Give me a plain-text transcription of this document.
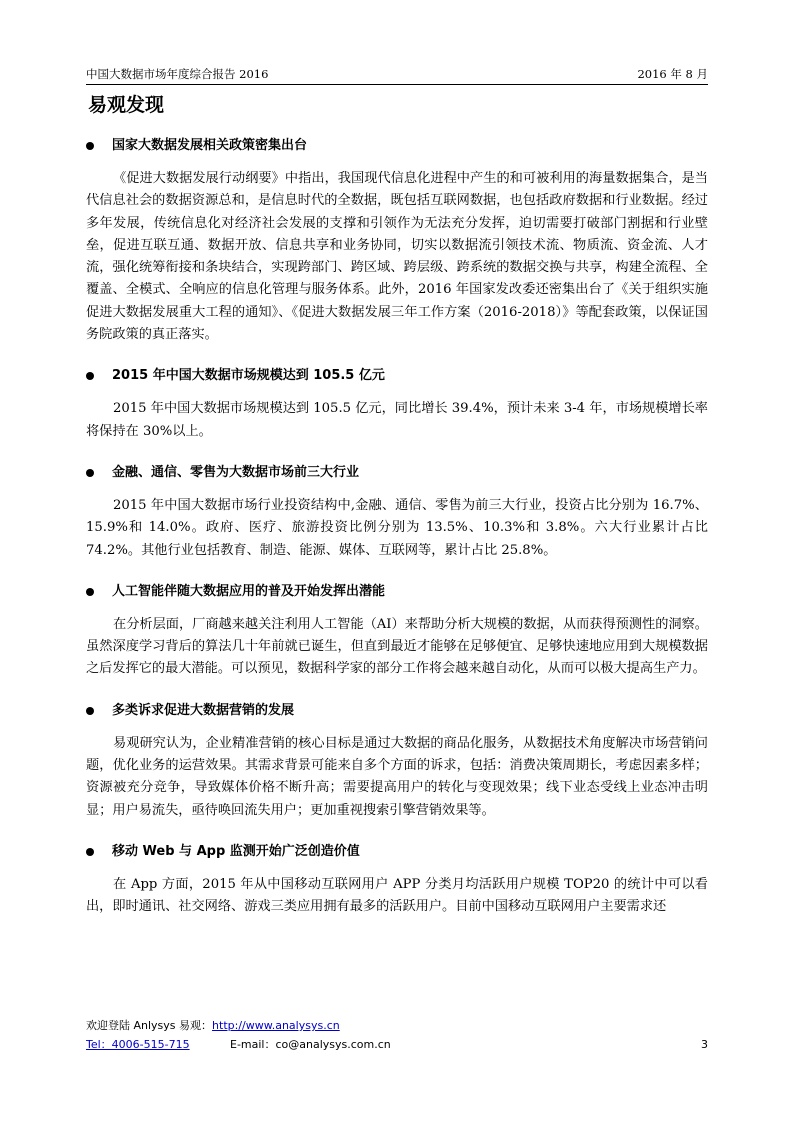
中国大数据市场年度综合报告 2016	2016 年 8 月
易观发现
国家大数据发展相关政策密集出台

《促进大数据发展行动纲要》中指出，我国现代信息化进程中产生的和可被利用的海量数据集合，是当代信息社会的数据资源总和，是信息时代的全数据，既包括互联网数据，也包括政府数据和行业数据。经过多年发展，传统信息化对经济社会发展的支撑和引领作为无法充分发挥，迫切需要打破部门割据和行业壁垒，促进互联互通、数据开放、信息共享和业务协同，切实以数据流引领技术流、物质流、资金流、人才流，强化统筹衔接和条块结合，实现跨部门、跨区域、跨层级、跨系统的数据交换与共享，构建全流程、全覆盖、全模式、全响应的信息化管理与服务体系。此外，2016 年国家发改委还密集出台了《关于组织实施促进大数据发展重大工程的通知》、《促进大数据发展三年工作方案（2016-2018）》等配套政策，以保证国务院政策的真正落实。

2015 年中国大数据市场规模达到 105.5 亿元

2015 年中国大数据市场规模达到 105.5 亿元，同比增长 39.4%，预计未来 3-4 年，市场规模增长率将保持在 30%以上。

金融、通信、零售为大数据市场前三大行业

2015 年中国大数据市场行业投资结构中,金融、通信、零售为前三大行业，投资占比分别为 16.7%、15.9%和 14.0%。政府、医疗、旅游投资比例分别为 13.5%、10.3%和 3.8%。六大行业累计占比 74.2%。其他行业包括教育、制造、能源、媒体、互联网等，累计占比 25.8%。

人工智能伴随大数据应用的普及开始发挥出潜能

在分析层面，厂商越来越关注利用人工智能（AI）来帮助分析大规模的数据，从而获得预测性的洞察。虽然深度学习背后的算法几十年前就已诞生，但直到最近才能够在足够便宜、足够快速地应用到大规模数据之后发挥它的最大潜能。可以预见，数据科学家的部分工作将会越来越自动化，从而可以极大提高生产力。

多类诉求促进大数据营销的发展

易观研究认为，企业精准营销的核心目标是通过大数据的商品化服务，从数据技术角度解决市场营销问题，优化业务的运营效果。其需求背景可能来自多个方面的诉求，包括：消费决策周期长，考虑因素多样；资源被充分竞争，导致媒体价格不断升高；需要提高用户的转化与变现效果；线下业态受线上业态冲击明显；用户易流失，亟待唤回流失用户；更加重视搜索引擎营销效果等。

移动 Web 与 App 监测开始广泛创造价值

在 App 方面，2015 年从中国移动互联网用户 APP 分类月均活跃用户规模 TOP20 的统计中可以看出，即时通讯、社交网络、游戏三类应用拥有最多的活跃用户。目前中国移动互联网用户主要需求还

欢迎登陆 Anlysys 易观：http://www.analysys.cn
Tel：4006-515-715	E-mail：co@analysys.com.cn	3
